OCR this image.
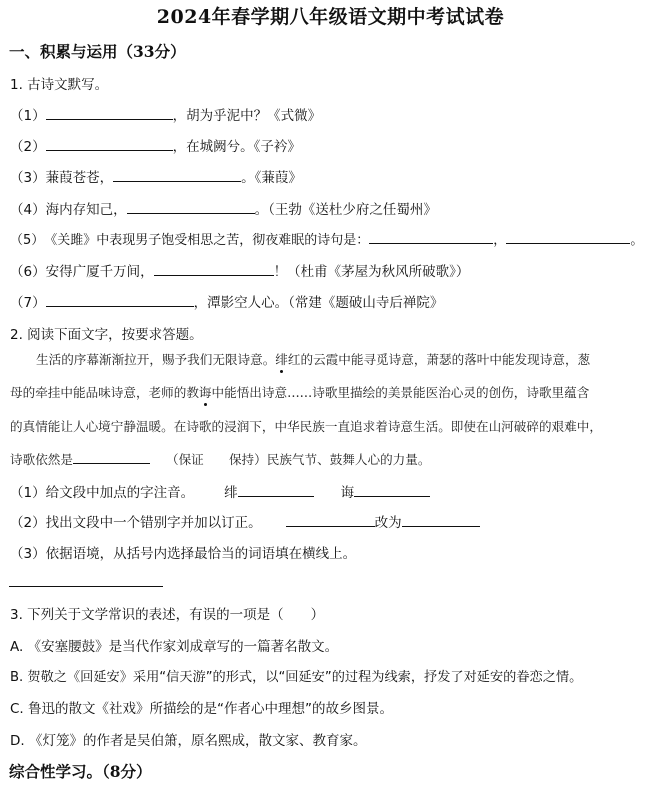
2024年春学期八年级语文期中考试试卷
一、积累与运用（33分）
1. 古诗文默写。
（1）	，胡为乎泥中？《式微》
（2）	，在城阙兮。《子衿》
（3） 蒹葭苍苍，	。《蒹葭》
（4） 海内存知己，	。（王勃《送杜少府之任蜀州》
（5） 《关雎》中表现男子饱受相思之苦，彻夜难眠的诗句是：	，	。
（6） 安得广厦千万间，	！（杜甫《茅屋为秋风所破歌》）
（7）	，潭影空人心。（常建《题破山寺后禅院》
2. 阅读下面文字，按要求答题。
生活的序幕渐渐拉开，赐予我们无限诗意。 绯 红的云霞中能寻觅诗意，萧瑟的落叶中能发现诗意，葱
母的牵挂中能品味诗意，老师的教 诲 中能悟出诗意……诗歌里描绘的美景能医治心灵的创伤，诗歌里蕴含
的真情能让人心境宁静温暖。在诗歌的浸润下，中华民族一直追求着诗意生活。即使在山河破碎的艰难中，
诗歌依然是	（保证　　保持）民族气节、鼓舞人心的力量。
（1）给文段中加点的字注音。 绯	诲
（2）找出文段中一个错别字并加以订正。	改为
（3）依据语境，从括号内选择最恰当的词语填在横线上。
3. 下列关于文学常识的表述，有误的一项是（　　）
A. 《安塞腰鼓》是当代作家刘成章写的一篇著名散文。
B. 贺敬之《回延安》采用“信天游”的形式，以“回延安”的过程为线索，抒发了对延安的眷恋之情。
C. 鲁迅的散文《社戏》所描绘的是“作者心中理想”的故乡图景。
D. 《灯笼》的作者是吴伯箫，原名熙成，散文家、教育家。
综合性学习。（8分）
